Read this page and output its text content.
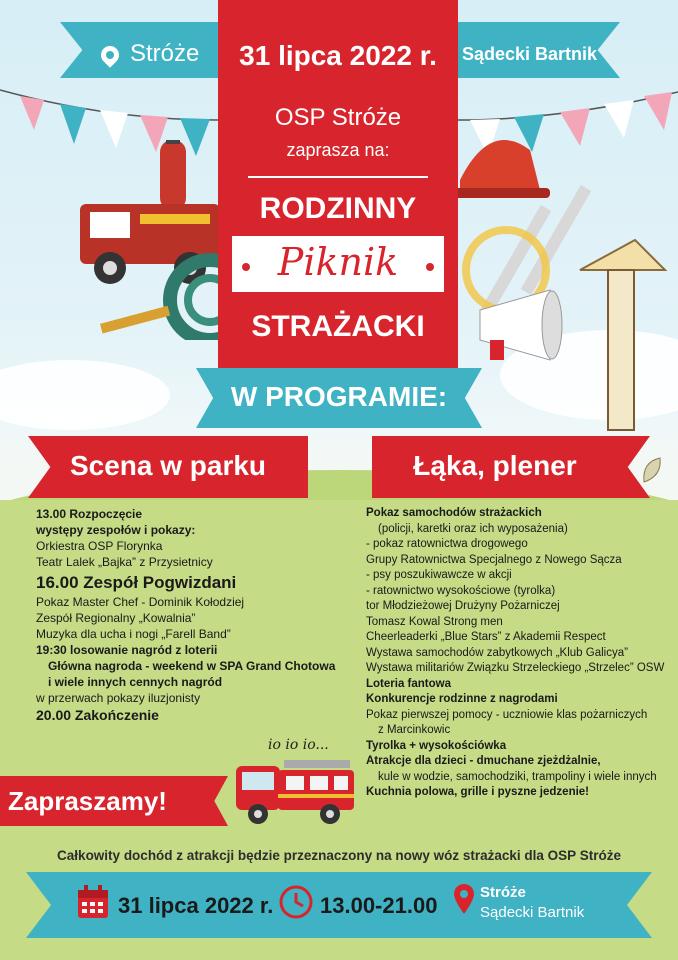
Stróże	Sądecki Bartnik
31 lipca 2022 r.
OSP Stróże
zaprasza na:
RODZINNY
Piknik
STRAŻACKI
W PROGRAMIE:
Scena w parku	Łąka, plener
13.00 Rozpoczęcie
występy zespołów i pokazy:
Orkiestra OSP Florynka
Teatr Lalek „Bajka” z Przysietnicy
16.00 Zespół Pogwizdani
Pokaz Master Chef - Dominik Kołodziej
Zespół Regionalny „Kowalnia”
Muzyka dla ucha i nogi „Farell Band”
19:30 losowanie nagród z loterii
Główna nagroda - weekend w SPA Grand Chotowa
i wiele innych cennych nagród
w przerwach pokazy iluzjonisty
20.00 Zakończenie
Pokaz samochodów strażackich
(policji, karetki oraz ich wyposażenia)
- pokaz ratownictwa drogowego
Grupy Ratownictwa Specjalnego z Nowego Sącza
- psy poszukiwawcze w akcji
- ratownictwo wysokościowe (tyrolka)
tor Młodzieżowej Drużyny Pożarniczej
Tomasz Kowal Strong men
Cheerleaderki „Blue Stars” z Akademii Respect
Wystawa samochodów zabytkowych „Klub Galicya”
Wystawa militariów Związku Strzeleckiego „Strzelec” OSW
Loteria fantowa
Konkurencje rodzinne z nagrodami
Pokaz pierwszej pomocy - uczniowie klas pożarniczych
z Marcinkowic
Tyrolka + wysokościówka
Atrakcje dla dzieci - dmuchane zjeżdżalnie,
kule w wodzie, samochodziki, trampoliny i wiele innych
Kuchnia polowa, grille i pyszne jedzenie!
Zapraszamy!
io io io...
Całkowity dochód z atrakcji będzie przeznaczony na nowy wóz strażacki dla OSP Stróże
31 lipca 2022 r. 13.00-21.00
Stróże
Sądecki Bartnik
